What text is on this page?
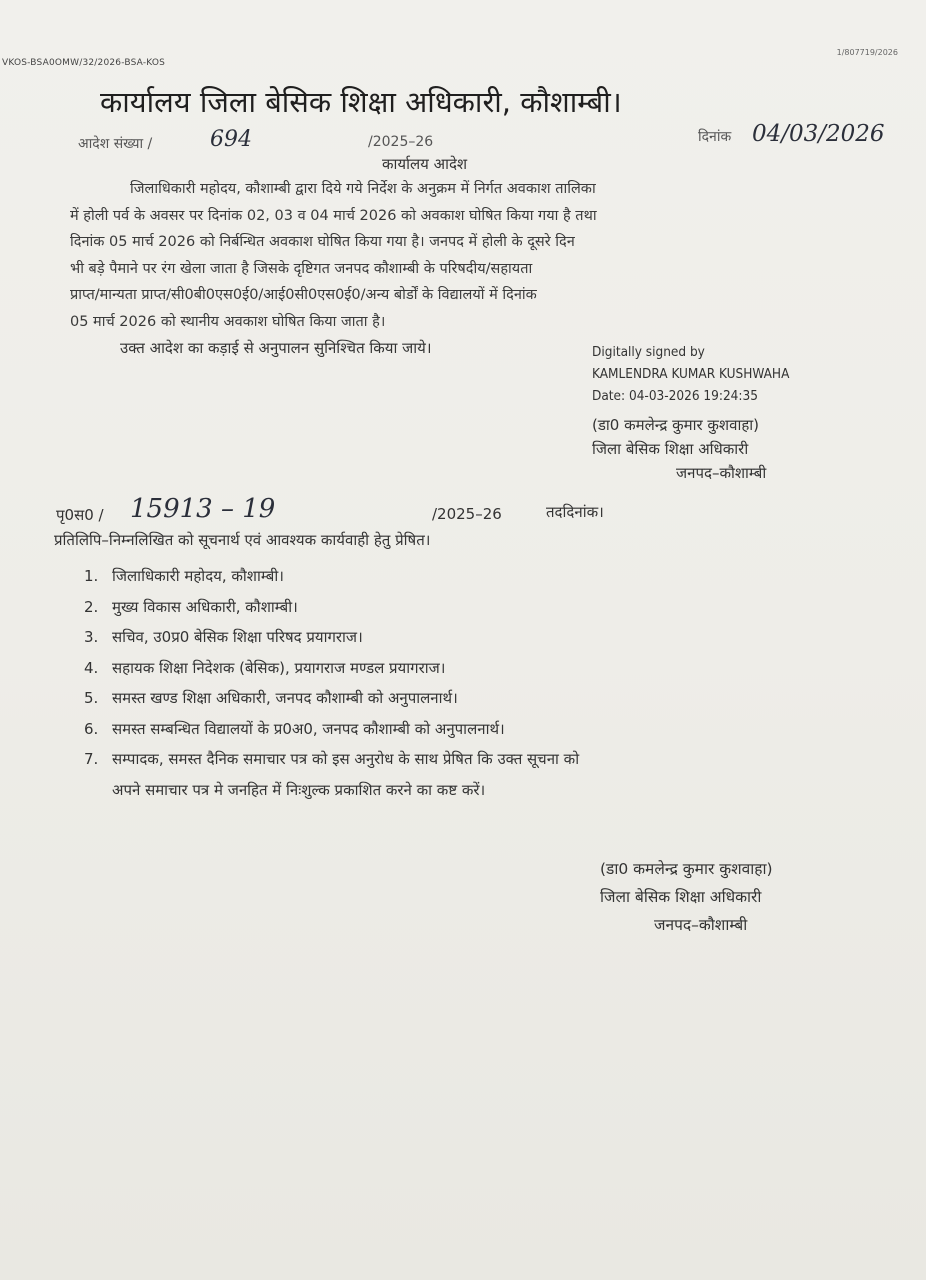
VKOS-BSA0OMW/32/2026-BSA-KOS
1/807719/2026
कार्यालय जिला बेसिक शिक्षा अधिकारी, कौशाम्बी।
आदेश संख्या /	694	/2025–26	दिनांक 04/03/2026
कार्यालय आदेश
जिलाधिकारी महोदय, कौशाम्बी द्वारा दिये गये निर्देश के अनुक्रम में निर्गत अवकाश तालिका
में होली पर्व के अवसर पर दिनांक 02, 03 व 04 मार्च 2026 को अवकाश घोषित किया गया है तथा
दिनांक 05 मार्च 2026 को निर्बन्धित अवकाश घोषित किया गया है। जनपद में होली के दूसरे दिन
भी बड़े पैमाने पर रंग खेला जाता है जिसके दृष्टिगत जनपद कौशाम्बी के परिषदीय/सहायता
प्राप्त/मान्यता प्राप्त/सी0बी0एस0ई0/आई0सी0एस0ई0/अन्य बोर्डों के विद्यालयों में दिनांक
05 मार्च 2026 को स्थानीय अवकाश घोषित किया जाता है।
उक्त आदेश का कड़ाई से अनुपालन सुनिश्चित किया जाये।	Digitally signed by
KAMLENDRA KUMAR KUSHWAHA
Date: 04-03-2026 19:24:35
(डा0 कमलेन्द्र कुमार कुशवाहा)
जिला बेसिक शिक्षा अधिकारी
जनपद–कौशाम्बी
पृ0स0 / 15913 – 19	/2025–26	तददिनांक।
प्रतिलिपि–निम्नलिखित को सूचनार्थ एवं आवश्यक कार्यवाही हेतु प्रेषित।
1. जिलाधिकारी महोदय, कौशाम्बी।
2. मुख्य विकास अधिकारी, कौशाम्बी।
3. सचिव, उ0प्र0 बेसिक शिक्षा परिषद प्रयागराज।
4. सहायक शिक्षा निदेशक (बेसिक), प्रयागराज मण्डल प्रयागराज।
5. समस्त खण्ड शिक्षा अधिकारी, जनपद कौशाम्बी को अनुपालनार्थ।
6. समस्त सम्बन्धित विद्यालयों के प्र0अ0, जनपद कौशाम्बी को अनुपालनार्थ।
7. सम्पादक, समस्त दैनिक समाचार पत्र को इस अनुरोध के साथ प्रेषित कि उक्त सूचना को
अपने समाचार पत्र मे जनहित में निःशुल्क प्रकाशित करने का कष्ट करें।
(डा0 कमलेन्द्र कुमार कुशवाहा)
जिला बेसिक शिक्षा अधिकारी
जनपद–कौशाम्बी
